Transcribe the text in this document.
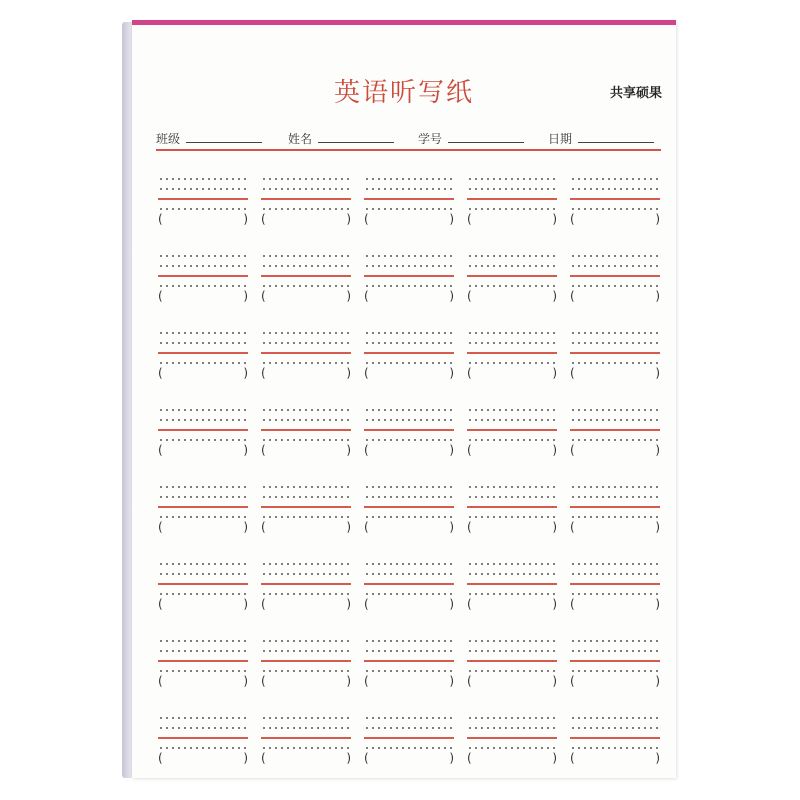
英语听写纸	共享硕果
班级	姓名	学号	日期
(	) (	) (	) (	) (	)
(	) (	) (	) (	) (	)
(	) (	) (	) (	) (	)
(	) (	) (	) (	) (	)
(	) (	) (	) (	) (	)
(	) (	) (	) (	) (	)
(	) (	) (	) (	) (	)
(	) (	) (	) (	) (	)
